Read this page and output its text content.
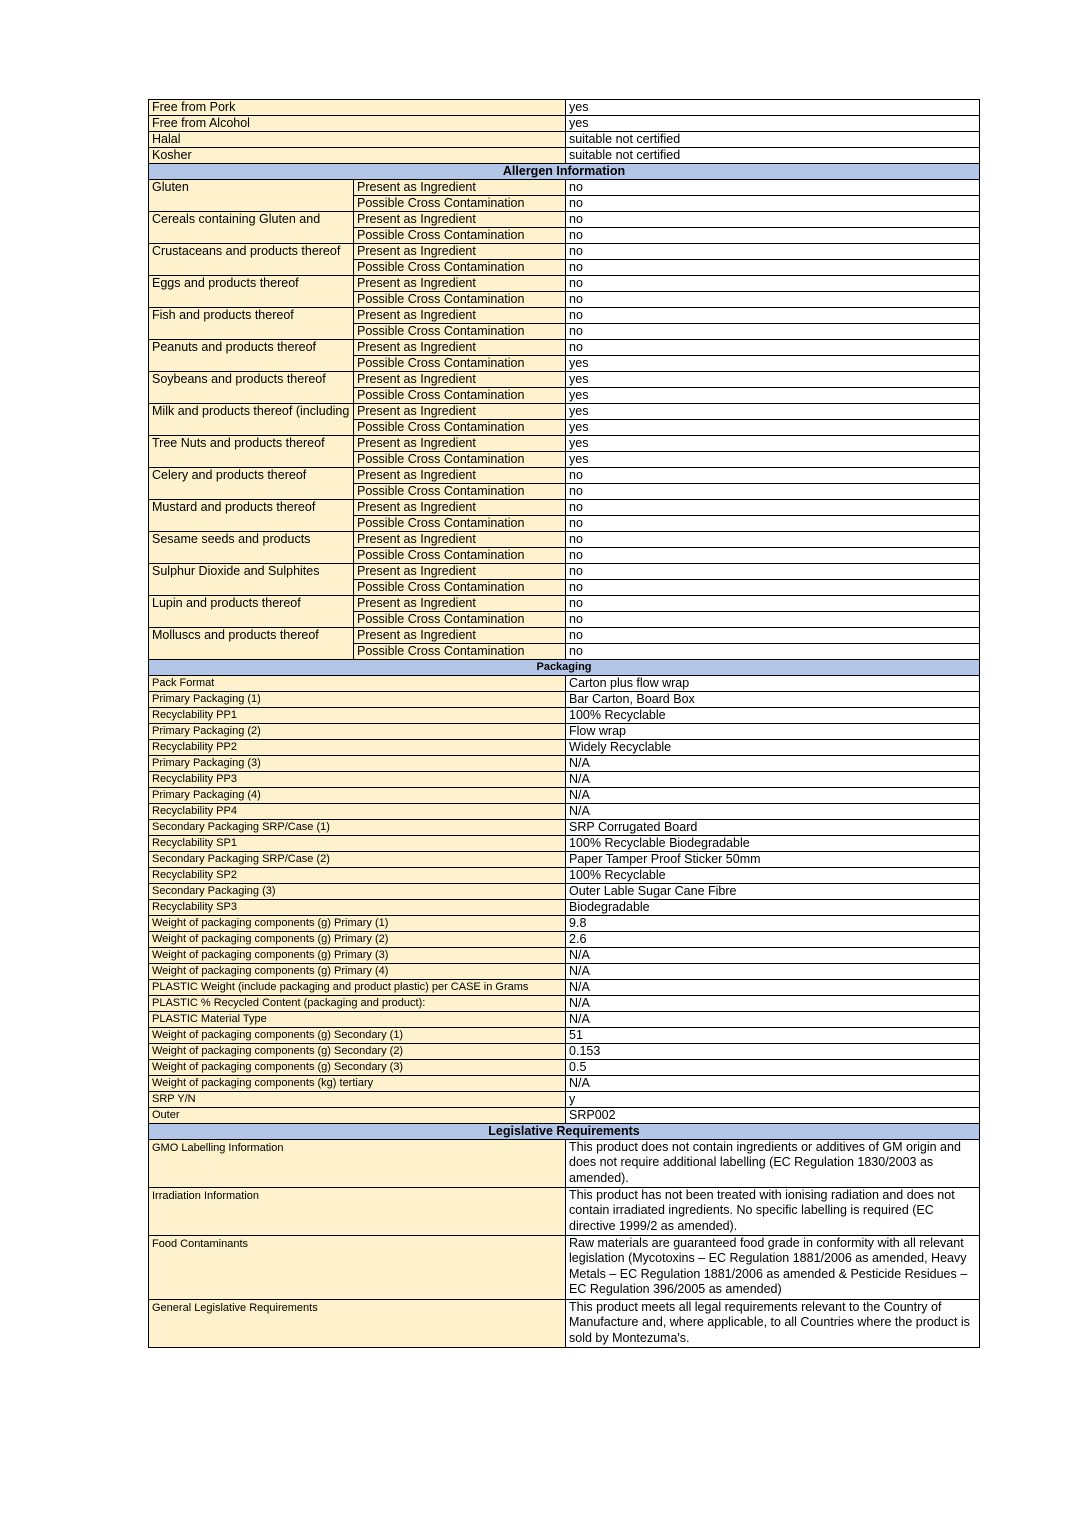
Free from Pork		yes
Free from Alcohol		yes
Halal		suitable not certified
Kosher		suitable not certified
Allergen Information		
Gluten	Present as Ingredient	no
	Possible Cross Contamination	no
Cereals containing Gluten and	Present as Ingredient	no
	Possible Cross Contamination	no
Crustaceans and products thereof	Present as Ingredient	no
	Possible Cross Contamination	no
Eggs and products thereof	Present as Ingredient	no
	Possible Cross Contamination	no
Fish and products thereof	Present as Ingredient	no
	Possible Cross Contamination	no
Peanuts and products thereof	Present as Ingredient	no
	Possible Cross Contamination	yes
Soybeans and products thereof	Present as Ingredient	yes
	Possible Cross Contamination	yes
Milk and products thereof (including	Present as Ingredient	yes
	Possible Cross Contamination	yes
Tree Nuts and products thereof	Present as Ingredient	yes
	Possible Cross Contamination	yes
Celery and products thereof	Present as Ingredient	no
	Possible Cross Contamination	no
Mustard and products thereof	Present as Ingredient	no
	Possible Cross Contamination	no
Sesame seeds and products	Present as Ingredient	no
	Possible Cross Contamination	no
Sulphur Dioxide and Sulphites	Present as Ingredient	no
	Possible Cross Contamination	no
Lupin and products thereof	Present as Ingredient	no
	Possible Cross Contamination	no
Molluscs and products thereof	Present as Ingredient	no
	Possible Cross Contamination	no
Packaging		
Pack Format		Carton plus flow wrap
Primary Packaging (1)		Bar Carton, Board Box
Recyclability PP1		100% Recyclable
Primary Packaging (2)		Flow wrap
Recyclability PP2		Widely Recyclable
Primary Packaging (3)		N/A
Recyclability PP3		N/A
Primary Packaging (4)		N/A
Recyclability PP4		N/A
Secondary Packaging SRP/Case (1)		SRP Corrugated Board
Recyclability SP1		100% Recyclable Biodegradable
Secondary Packaging SRP/Case (2)		Paper Tamper Proof Sticker 50mm
Recyclability SP2		100% Recyclable
Secondary Packaging (3)		Outer Lable Sugar Cane Fibre
Recyclability SP3		Biodegradable
Weight of packaging components (g) Primary (1)		9.8
Weight of packaging components (g) Primary (2)		2.6
Weight of packaging components (g) Primary (3)		N/A
Weight of packaging components (g) Primary (4)		N/A
PLASTIC Weight (include packaging and product plastic) per CASE in Grams		N/A
PLASTIC % Recycled Content (packaging and product):		N/A
PLASTIC Material Type		N/A
Weight of packaging components (g) Secondary (1)		51
Weight of packaging components (g) Secondary (2)		0.153
Weight of packaging components (g) Secondary (3)		0.5
Weight of packaging components (kg) tertiary		N/A
SRP Y/N		y
Outer		SRP002
Legislative Requirements		
GMO Labelling Information		This product does not contain ingredients or additives of GM origin and does not require additional labelling (EC Regulation 1830/2003 as amended).
Irradiation Information		This product has not been treated with ionising radiation and does not contain irradiated ingredients. No specific labelling is required (EC directive 1999/2 as amended).
Food Contaminants		Raw materials are guaranteed food grade in conformity with all relevant legislation (Mycotoxins – EC Regulation 1881/2006 as amended, Heavy Metals – EC Regulation 1881/2006 as amended & Pesticide Residues – EC Regulation 396/2005 as amended)
General Legislative Requirements		This product meets all legal requirements relevant to the Country of Manufacture and, where applicable, to all Countries where the product is sold by Montezuma's.
